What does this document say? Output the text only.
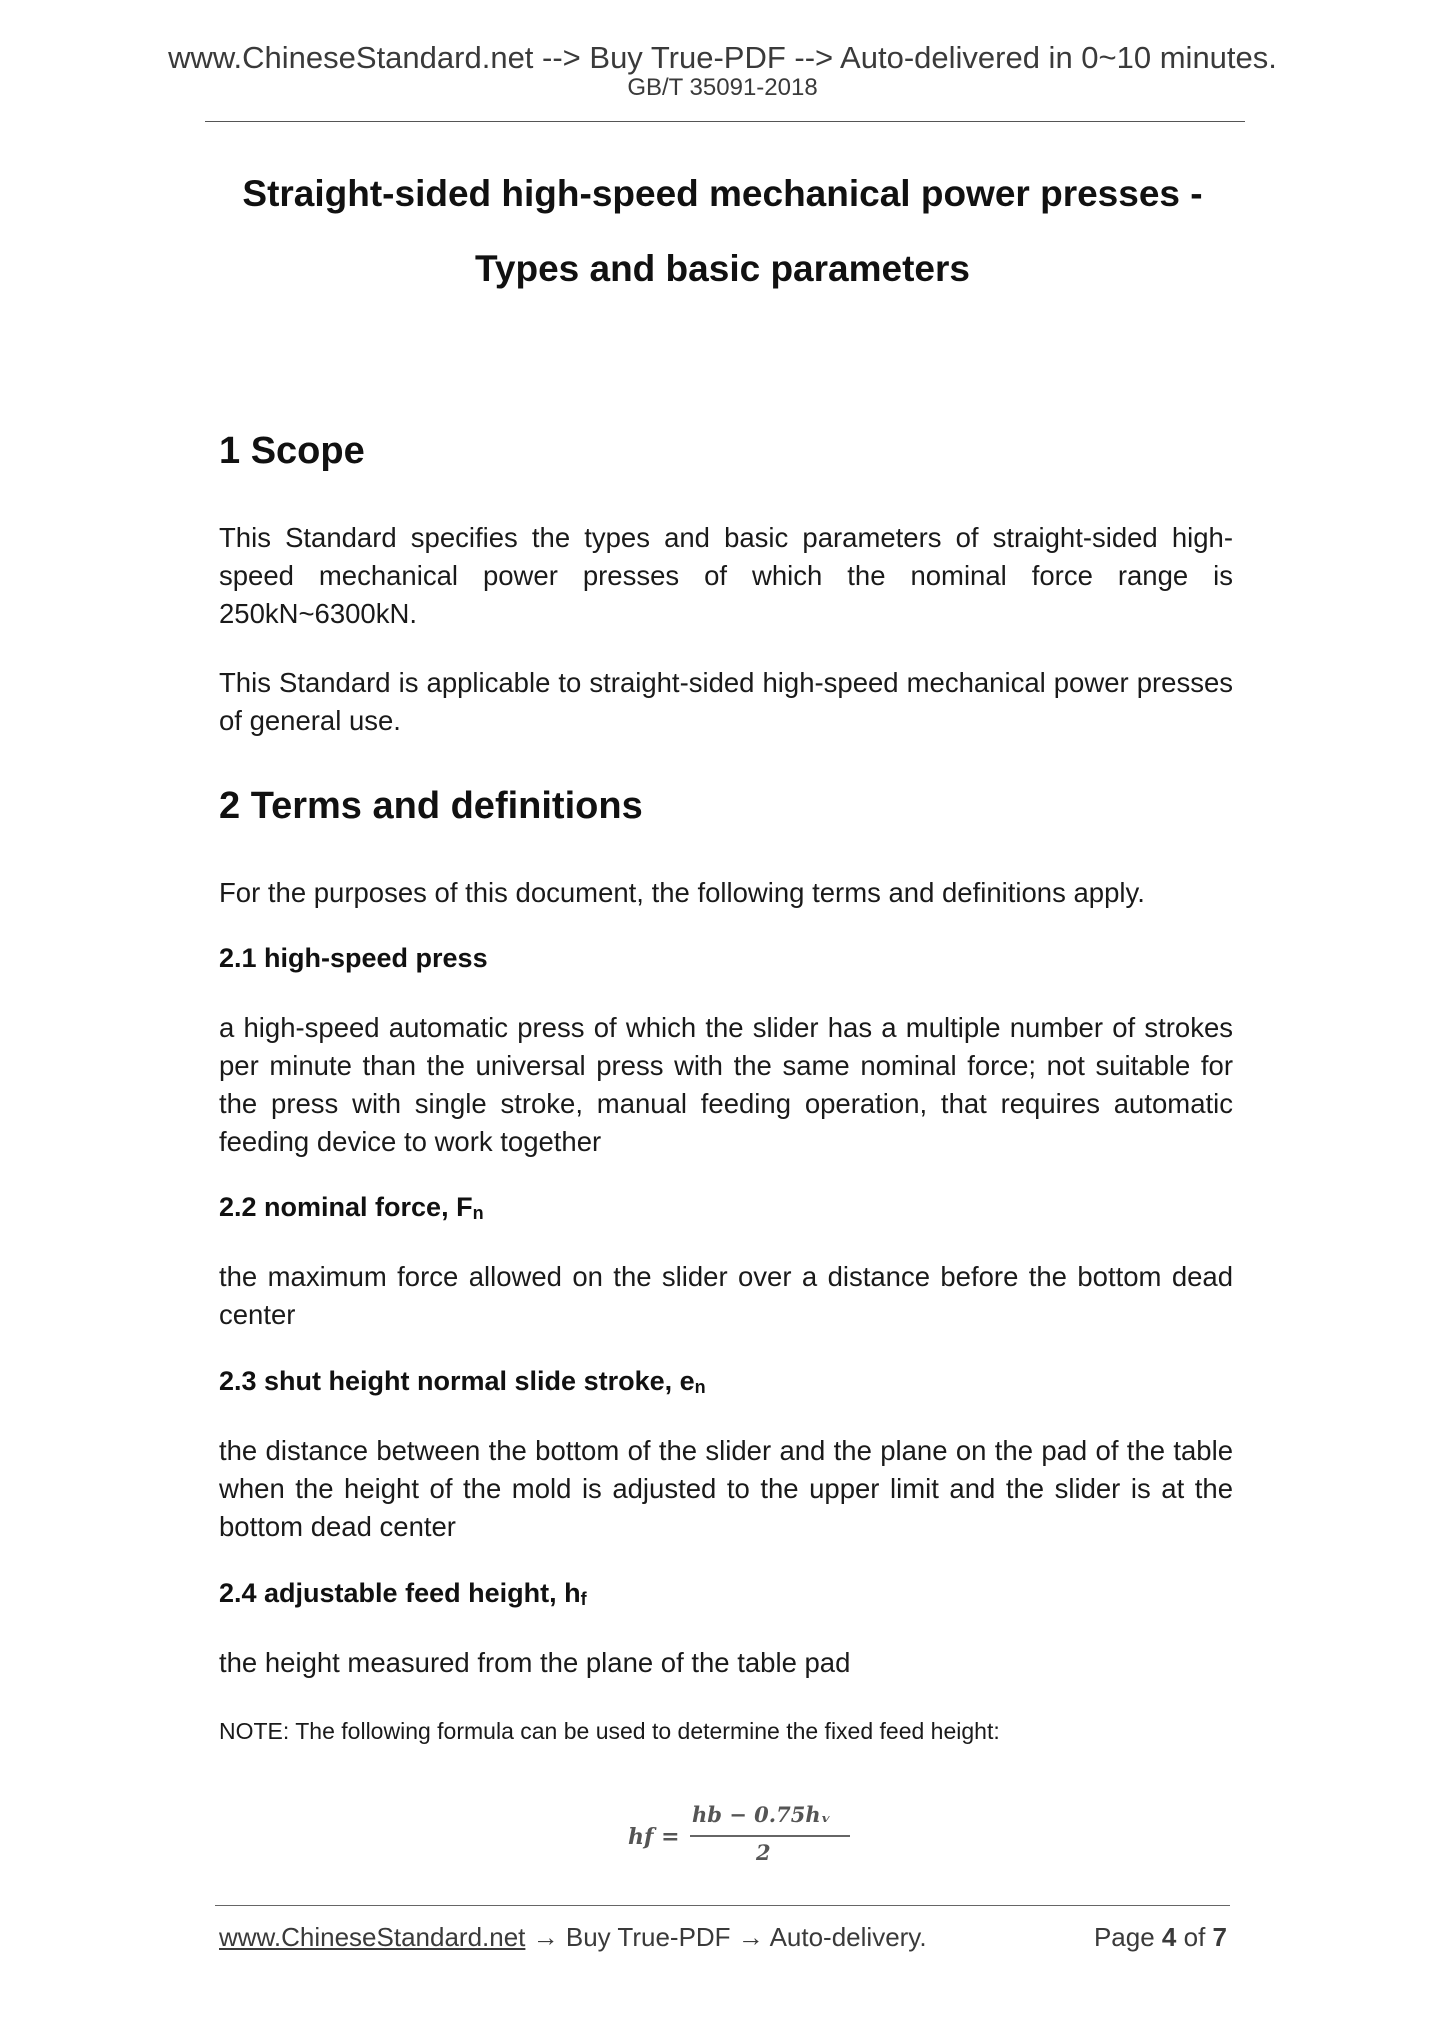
www.ChineseStandard.net --> Buy True-PDF --> Auto-delivered in 0~10 minutes.
GB/T 35091-2018
Straight-sided high-speed mechanical power presses -
Types and basic parameters
1 Scope
This Standard specifies the types and basic parameters of straight-sided high-speed mechanical power presses of which the nominal force range is 250kN~6300kN.
This Standard is applicable to straight-sided high-speed mechanical power presses of general use.
2 Terms and definitions
For the purposes of this document, the following terms and definitions apply.
2.1 high-speed press
a high-speed automatic press of which the slider has a multiple number of strokes per minute than the universal press with the same nominal force; not suitable for the press with single stroke, manual feeding operation, that requires automatic feeding device to work together
2.2 nominal force, $F_n$
the maximum force allowed on the slider over a distance before the bottom dead center
2.3 shut height normal slide stroke, $e_n$
the distance between the bottom of the slider and the plane on the pad of the table when the height of the mold is adjusted to the upper limit and the slider is at the bottom dead center
2.4 adjustable feed height, $h_f$
the height measured from the plane of the table pad
NOTE: The following formula can be used to determine the fixed feed height:
hf =
hb − 0.75hᵥ
2
www.ChineseStandard.net → Buy True-PDF → Auto-delivery.	Page 4 of 7
